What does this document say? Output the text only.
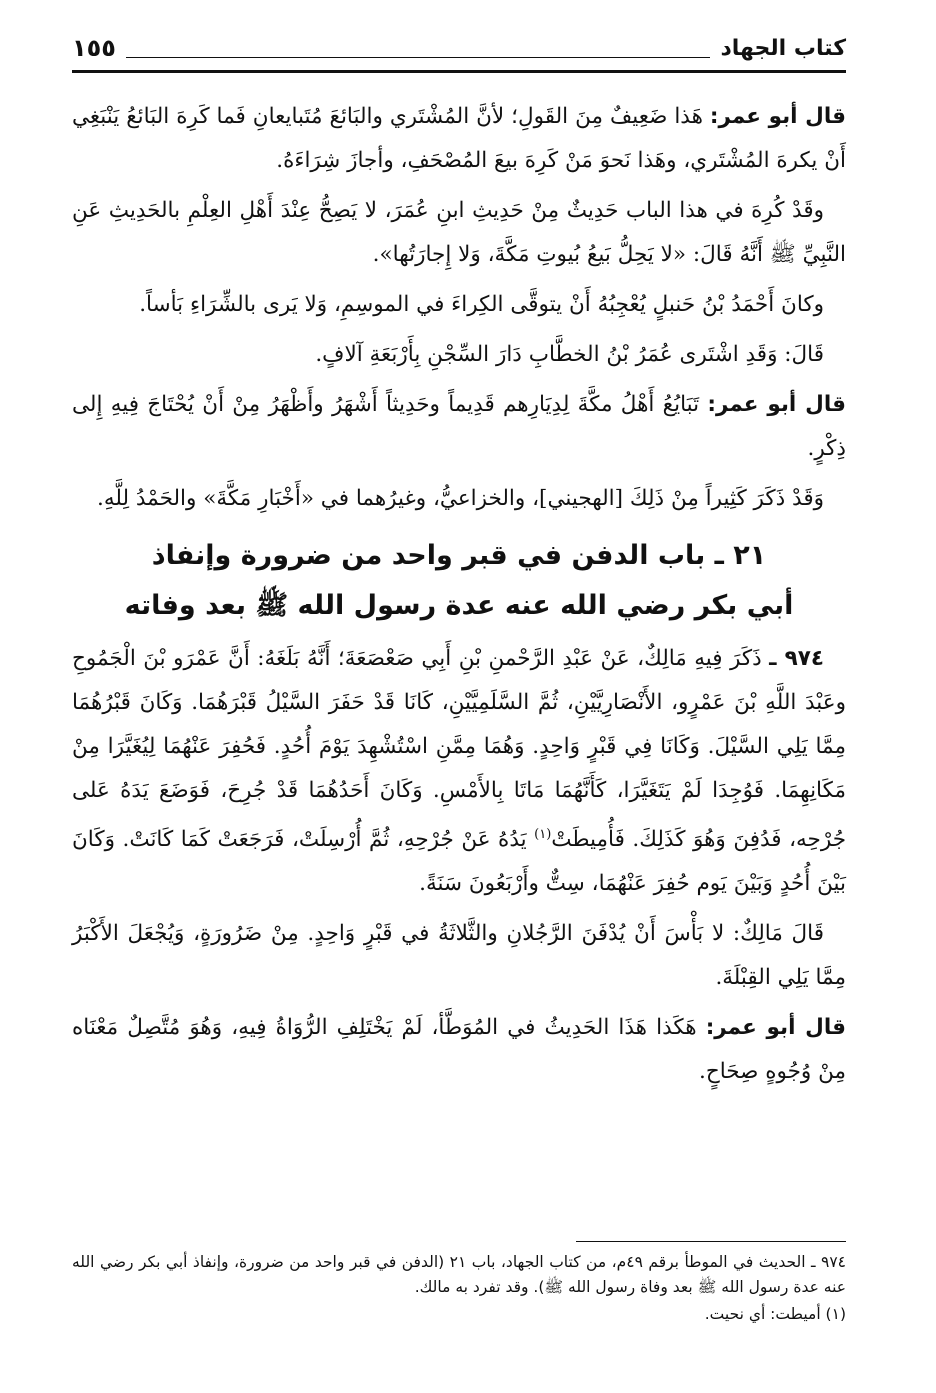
كتاب الجهاد
١٥٥

قال أبو عمر: هَذا ضَعِيفٌ مِنَ القَولِ؛ لأنَّ المُشْتَري والبَائعَ مُتَبايعانِ فَما كَرِهَ البَائعُ يَنْبَغِي أَنْ يكرهَ المُشْتَري، وهَذا نَحوَ مَنْ كَرِهَ بيعَ المُصْحَفِ، وأجازَ شِرَاءَهُ.

وقَدْ كُرِهَ في هذا الباب حَدِيثٌ مِنْ حَدِيثِ ابنِ عُمَرَ، لا يَصِحُّ عِنْدَ أَهْلِ العِلْمِ بالحَدِيثِ عَنِ النَّبِيِّ ﷺ أَنَّهُ قَالَ: «لا يَحِلُّ بَيعُ بُيوتِ مَكَّةَ، وَلا إِجارَتُها».

وكانَ أَحْمَدُ بْنُ حَنبلٍ يُعْجِبُهُ أَنْ يتوقَّى الكِراءَ في الموسِمِ، وَلا يَرى بالشِّرَاءِ بَأساً.

قَالَ: وَقَدِ اشْتَرى عُمَرُ بْنُ الخطَّابِ دَارَ السِّجْنِ بِأَرْبَعَةِ آلافٍ.

قال أبو عمر: تَبَايُعُ أَهْلُ مكَّةَ لِدِيَارِهم قَدِيماً وحَدِيثاً أَشْهَرُ وأَظْهَرُ مِنْ أَنْ يُحْتَاجَ فِيهِ إِلى ذِكْرٍ.

وَقَدْ ذَكَرَ كَثِيراً مِنْ ذَلِكَ [الهجيني]، والخزاعيُّ، وغيرُهما في «أَخْبَارِ مَكَّةَ» والحَمْدُ لِلَّهِ.

٢١ ـ باب الدفن في قبر واحد من ضرورة وإنفاذ
أبي بكر رضي الله عنه عدة رسول الله ﷺ بعد وفاته

٩٧٤ ـ ذَكَرَ فِيهِ مَالِكٌ، عَنْ عَبْدِ الرَّحْمنِ بْنِ أَبِي صَعْصَعَةَ؛ أَنَّهُ بَلَغَهُ: أَنَّ عَمْرَو بْنَ الْجَمُوحِ وعَبْدَ اللَّهِ بْنَ عَمْرٍو، الأَنْصَارِيَّيْنِ، ثُمَّ السَّلَمِيَّيْنِ، كَانَا قَدْ حَفَرَ السَّيْلُ قَبْرَهُمَا. وَكَانَ قَبْرُهُمَا مِمَّا يَلِي السَّيْلَ. وَكَانَا فِي قَبْرٍ وَاحِدٍ. وَهُمَا مِمَّنِ اسْتُشْهِدَ يَوْمَ أُحُدٍ. فَحُفِرَ عَنْهُمَا لِيُغَيَّرَا مِنْ مَكَانِهِمَا. فَوُجِدَا لَمْ يَتَغَيَّرَا، كَأَنَّهُمَا مَاتَا بِالأَمْسِ. وَكَانَ أَحَدُهُمَا قَدْ جُرِحَ، فَوَضَعَ يَدَهُ عَلى جُرْحِه، فَدُفِنَ وَهُوَ كَذَلِكَ. فَأُمِيطَتْ$^{(١)}$ يَدُهُ عَنْ جُرْحِهِ، ثُمَّ أُرْسِلَتْ، فَرَجَعَتْ كَمَا كَانَتْ. وَكَانَ بَيْنَ أُحُدٍ وَبَيْنَ يَوم حُفِرَ عَنْهُمَا، سِتٌّ وأَرْبَعُونَ سَنَةً.

قَالَ مَالِكٌ: لا بَأْسَ أَنْ يُدْفَنَ الرَّجُلانِ والثَّلاثَةُ في قَبْرٍ وَاحِدٍ. مِنْ ضَرُورَةٍ، وَيُجْعَلَ الأَكْبَرُ مِمَّا يَلِي القِبْلَةَ.

قال أبو عمر: هَكَذا هَذَا الحَدِيثُ في المُوَطَّأ، لَمْ يَخْتَلِفِ الرُّوَاةُ فِيهِ، وَهُوَ مُتَّصِلٌ مَعْنَاه مِنْ وُجُوهٍ صِحَاحٍ.

٩٧٤ ـ الحديث في الموطأ برقم ٤٩م، من كتاب الجهاد، باب ٢١ (الدفن في قبر واحد من ضرورة، وإنفاذ أبي بكر رضي الله عنه عدة رسول الله ﷺ بعد وفاة رسول الله ﷺ). وقد تفرد به مالك.

(١) أميطت: أي نحيت.
